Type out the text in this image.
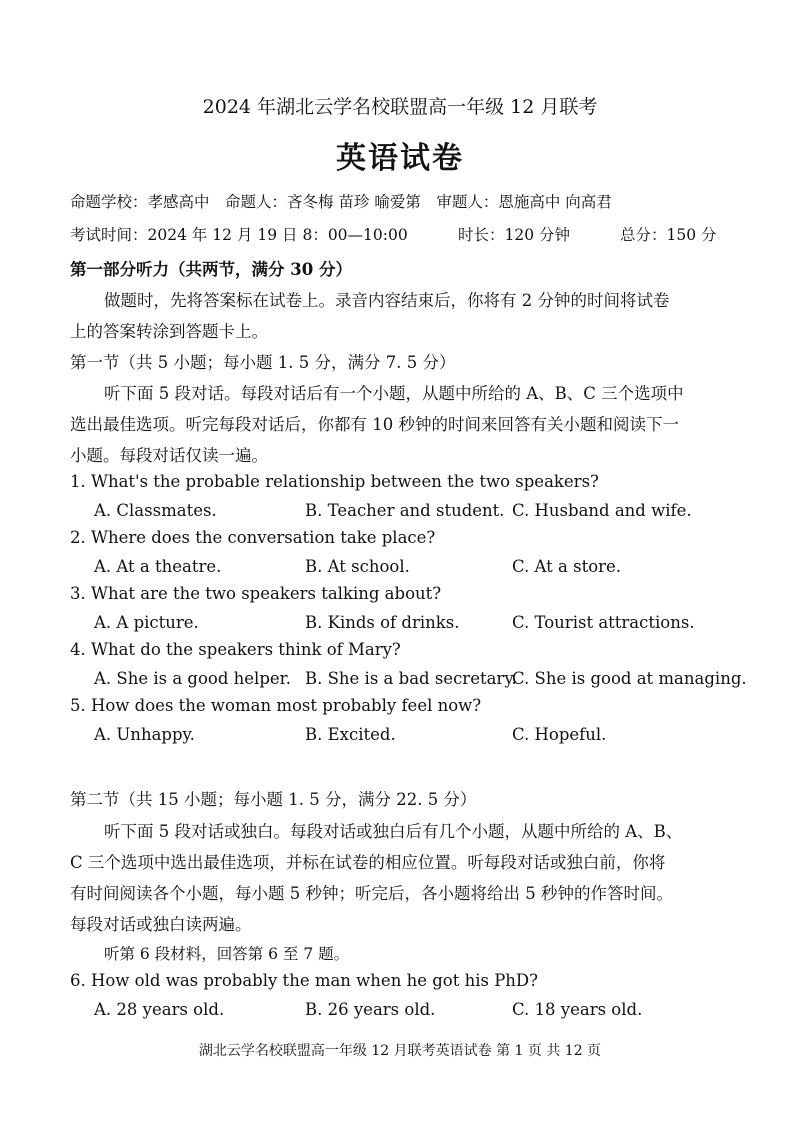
2024 年湖北云学名校联盟高一年级 12 月联考
英语试卷
命题学校：孝感高中　命题人：吝冬梅 苗珍 喻爱第　审题人：恩施高中 向高君
考试时间：2024 年 12 月 19 日 8：00—10:00	时长：120 分钟	总分：150 分
第一部分听力（共两节，满分 30 分）
做题时，先将答案标在试卷上。录音内容结束后，你将有 2 分钟的时间将试卷
上的答案转涂到答题卡上。
第一节（共 5 小题；每小题 1. 5 分，满分 7. 5 分）
听下面 5 段对话。每段对话后有一个小题，从题中所给的 A、B、C 三个选项中
选出最佳选项。听完每段对话后，你都有 10 秒钟的时间来回答有关小题和阅读下一
小题。每段对话仅读一遍。
1. What's the probable relationship between the two speakers?
A. Classmates.	B. Teacher and student. C. Husband and wife.
2. Where does the conversation take place?
A. At a theatre.	B. At school.	C. At a store.
3. What are the two speakers talking about?
A. A picture.	B. Kinds of drinks.	C. Tourist attractions.
4. What do the speakers think of Mary?
A. She is a good helper. B. She is a bad secretary.
C. She is good at managing.
5. How does the woman most probably feel now?
A. Unhappy.	B. Excited.	C. Hopeful.
第二节（共 15 小题；每小题 1. 5 分，满分 22. 5 分）
听下面 5 段对话或独白。每段对话或独白后有几个小题，从题中所给的 A、B、
C 三个选项中选出最佳选项，并标在试卷的相应位置。听每段对话或独白前，你将
有时间阅读各个小题，每小题 5 秒钟；听完后，各小题将给出 5 秒钟的作答时间。
每段对话或独白读两遍。
听第 6 段材料，回答第 6 至 7 题。
6. How old was probably the man when he got his PhD?
A. 28 years old.	B. 26 years old.	C. 18 years old.
湖北云学名校联盟高一年级 12 月联考英语试卷 第 1 页 共 12 页
